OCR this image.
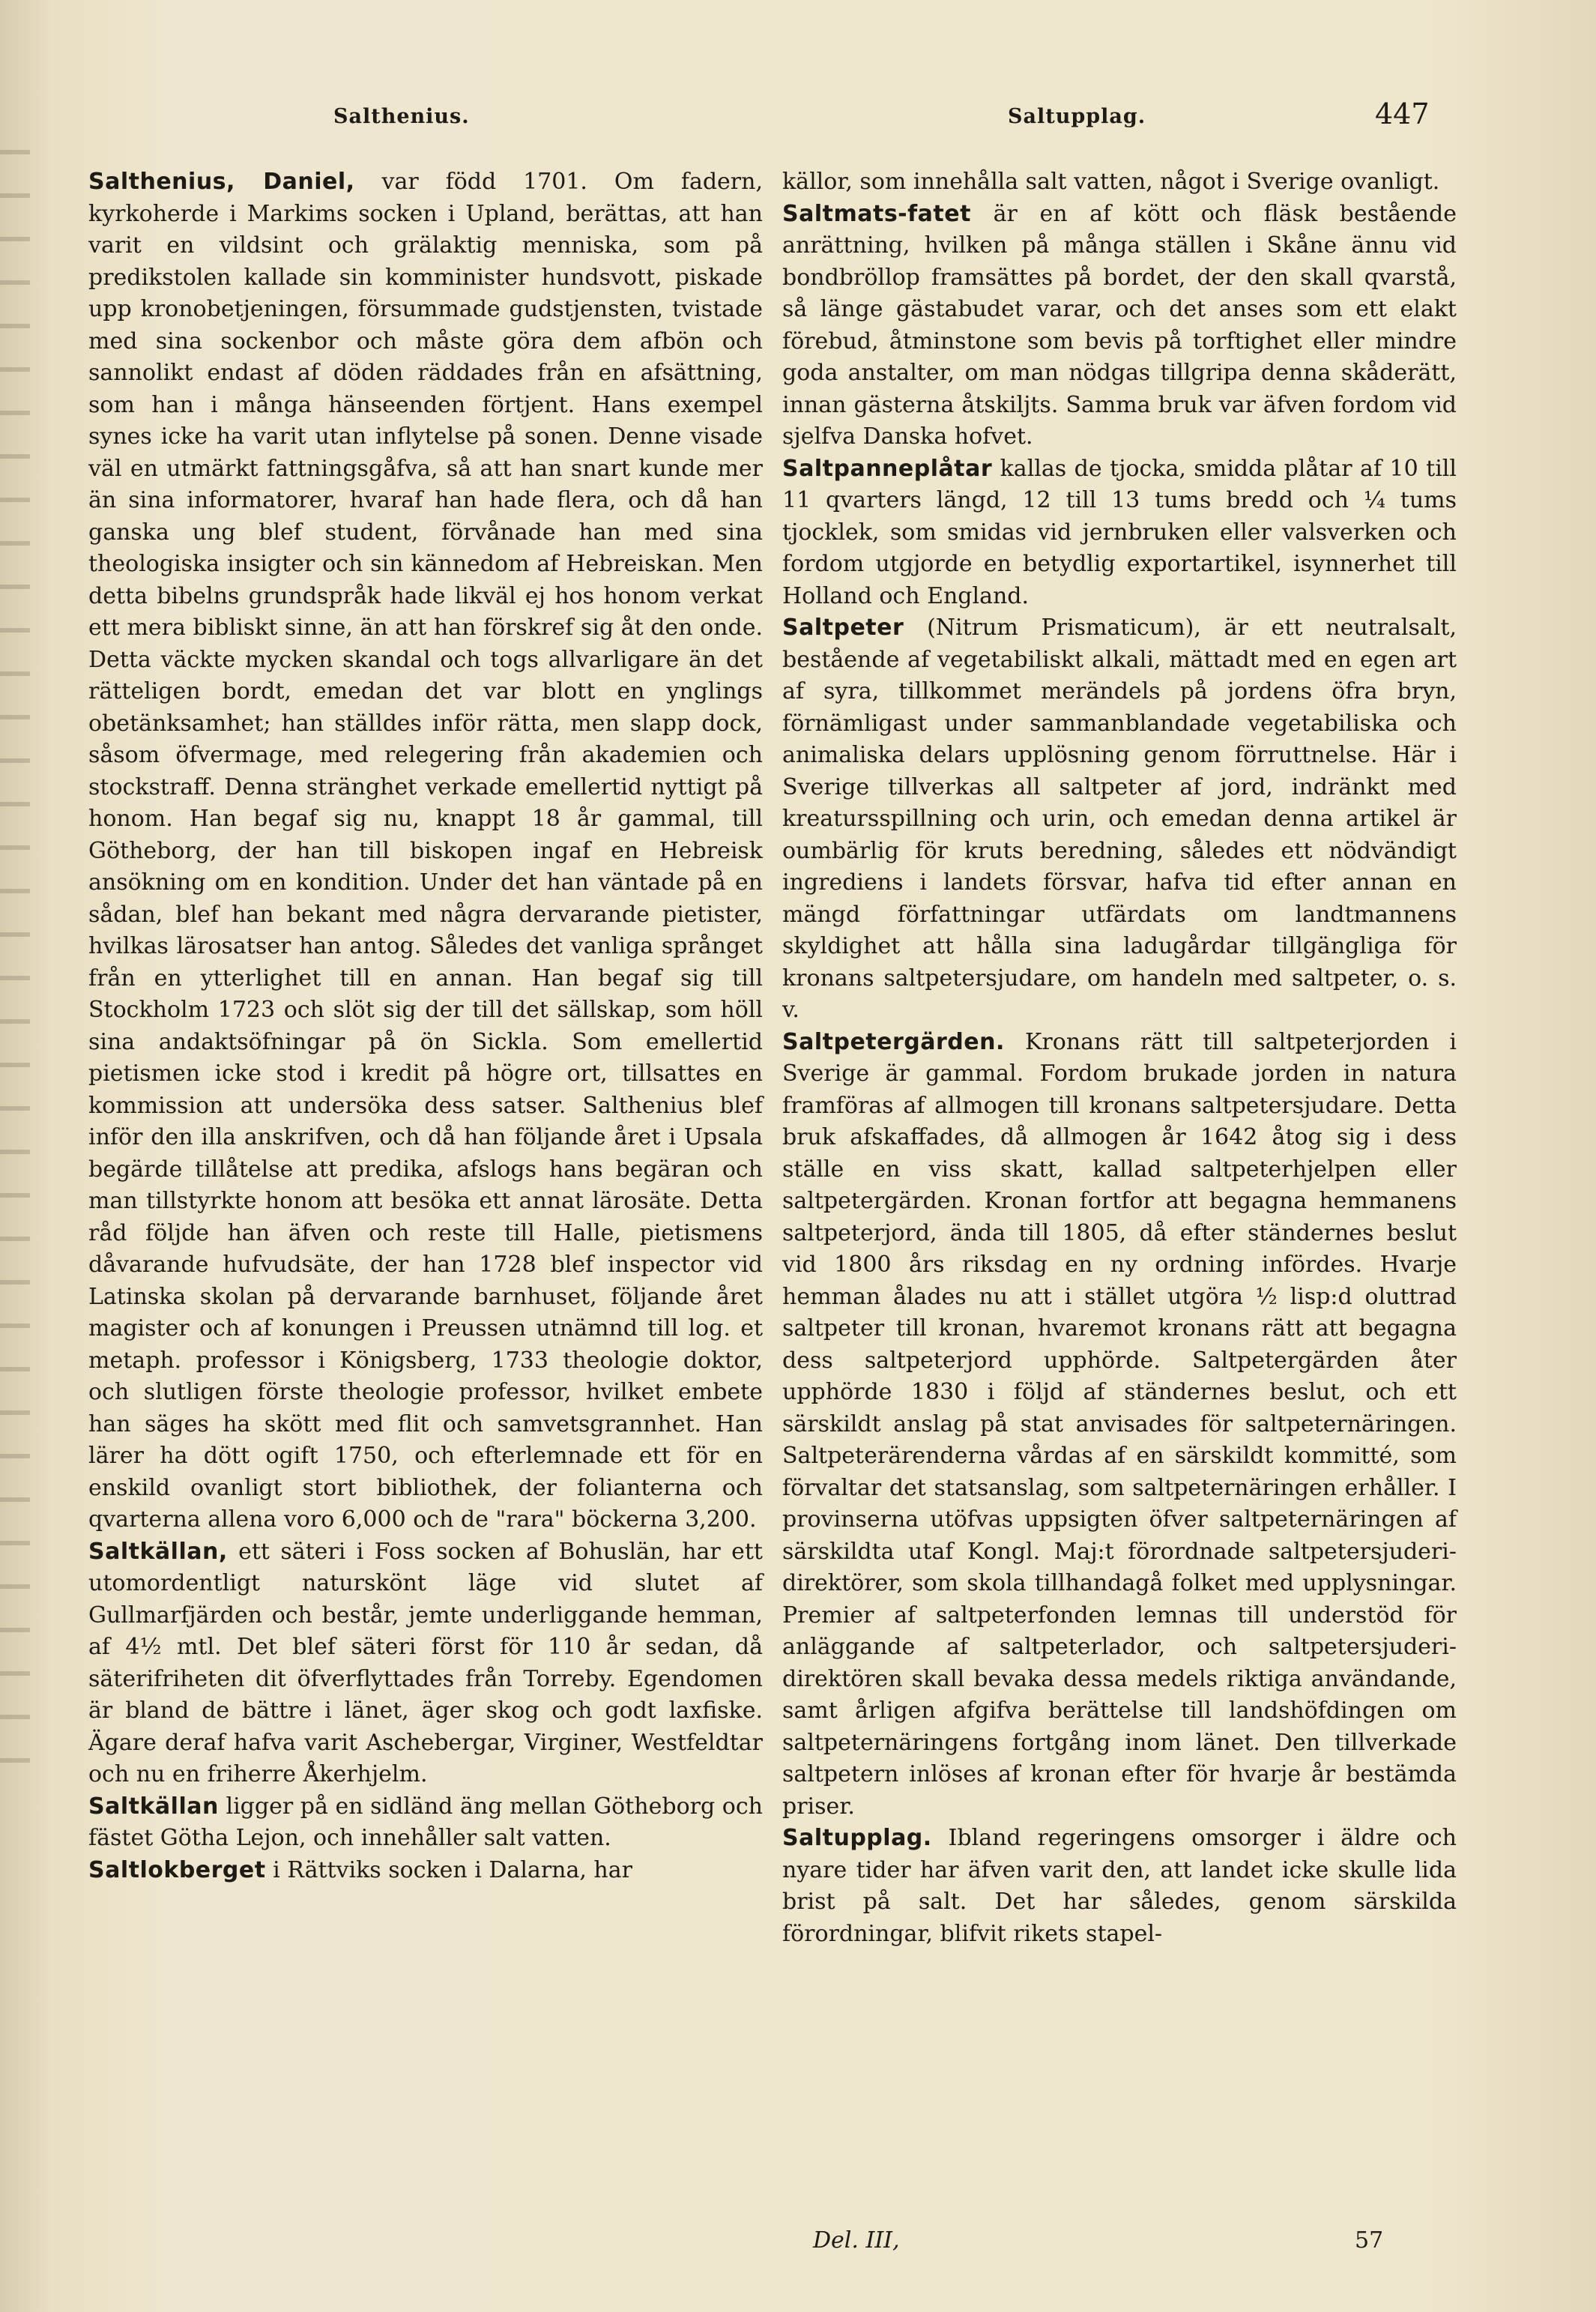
Salthenius.	Saltupplag.	447

Salthenius, Daniel, var född 1701. Om fadern, kyrkoherde i Markims socken i Upland, berättas, att han varit en vildsint och grälaktig menniska, som på predikstolen kallade sin komminister hundsvott, piskade upp kronobetjeningen, försummade gudstjensten, tvistade med sina sockenbor och måste göra dem afbön och sannolikt endast af döden räddades från en afsättning, som han i många hänseenden förtjent. Hans exempel synes icke ha varit utan inflytelse på sonen. Denne visade väl en utmärkt fattningsgåfva, så att han snart kunde mer än sina informatorer, hvaraf han hade flera, och då han ganska ung blef student, förvånade han med sina theologiska insigter och sin kännedom af Hebreiskan. Men detta bibelns grundspråk hade likväl ej hos honom verkat ett mera bibliskt sinne, än att han förskref sig åt den onde. Detta väckte mycken skandal och togs allvarligare än det rätteligen bordt, emedan det var blott en ynglings obetänksamhet; han ställdes inför rätta, men slapp dock, såsom öfvermage, med relegering från akademien och stockstraff. Denna stränghet verkade emellertid nyttigt på honom. Han begaf sig nu, knappt 18 år gammal, till Götheborg, der han till biskopen ingaf en Hebreisk ansökning om en kondition. Under det han väntade på en sådan, blef han bekant med några dervarande pietister, hvilkas lärosatser han antog. Således det vanliga språnget från en ytterlighet till en annan. Han begaf sig till Stockholm 1723 och slöt sig der till det sällskap, som höll sina andaktsöfningar på ön Sickla. Som emellertid pietismen icke stod i kredit på högre ort, tillsattes en kommission att undersöka dess satser. Salthenius blef inför den illa anskrifven, och då han följande året i Upsala begärde tillåtelse att predika, afslogs hans begäran och man tillstyrkte honom att besöka ett annat lärosäte. Detta råd följde han äfven och reste till Halle, pietismens dåvarande hufvudsäte, der han 1728 blef inspector vid Latinska skolan på dervarande barnhuset, följande året magister och af konungen i Preussen utnämnd till log. et metaph. professor i Königsberg, 1733 theologie doktor, och slutligen förste theologie professor, hvilket embete han säges ha skött med flit och samvetsgrannhet. Han lärer ha dött ogift 1750, och efterlemnade ett för en enskild ovanligt stort bibliothek, der folianterna och qvarterna allena voro 6,000 och de "rara" böckerna 3,200.

Saltkällan, ett säteri i Foss socken af Bohuslän, har ett utomordentligt naturskönt läge vid slutet af Gullmarfjärden och består, jemte underliggande hemman, af 4½ mtl. Det blef säteri först för 110 år sedan, då säterifriheten dit öfverflyttades från Torreby. Egendomen är bland de bättre i länet, äger skog och godt laxfiske. Ägare deraf hafva varit Aschebergar, Virginer, Westfeldtar och nu en friherre Åkerhjelm.

Saltkällan ligger på en sidländ äng mellan Götheborg och fästet Götha Lejon, och innehåller salt vatten.

Saltlokberget i Rättviks socken i Dalarna, har

källor, som innehålla salt vatten, något i Sverige ovanligt.

Saltmats-fatet är en af kött och fläsk bestående anrättning, hvilken på många ställen i Skåne ännu vid bondbröllop framsättes på bordet, der den skall qvarstå, så länge gästabudet varar, och det anses som ett elakt förebud, åtminstone som bevis på torftighet eller mindre goda anstalter, om man nödgas tillgripa denna skåderätt, innan gästerna åtskiljts. Samma bruk var äfven fordom vid sjelfva Danska hofvet.

Saltpanneplåtar kallas de tjocka, smidda plåtar af 10 till 11 qvarters längd, 12 till 13 tums bredd och ¼ tums tjocklek, som smidas vid jernbruken eller valsverken och fordom utgjorde en betydlig exportartikel, isynnerhet till Holland och England.

Saltpeter (Nitrum Prismaticum), är ett neutralsalt, bestående af vegetabiliskt alkali, mättadt med en egen art af syra, tillkommet merändels på jordens öfra bryn, förnämligast under sammanblandade vegetabiliska och animaliska delars upplösning genom förruttnelse. Här i Sverige tillverkas all saltpeter af jord, indränkt med kreatursspillning och urin, och emedan denna artikel är oumbärlig för kruts beredning, således ett nödvändigt ingrediens i landets försvar, hafva tid efter annan en mängd författningar utfärdats om landtmannens skyldighet att hålla sina ladugårdar tillgängliga för kronans saltpetersjudare, om handeln med saltpeter, o. s. v.

Saltpetergärden. Kronans rätt till saltpeterjorden i Sverige är gammal. Fordom brukade jorden in natura framföras af allmogen till kronans saltpetersjudare. Detta bruk afskaffades, då allmogen år 1642 åtog sig i dess ställe en viss skatt, kallad saltpeterhjelpen eller saltpetergärden. Kronan fortfor att begagna hemmanens saltpeterjord, ända till 1805, då efter ständernes beslut vid 1800 års riksdag en ny ordning infördes. Hvarje hemman ålades nu att i stället utgöra ½ lisp:d oluttrad saltpeter till kronan, hvaremot kronans rätt att begagna dess saltpeterjord upphörde. Saltpetergärden åter upphörde 1830 i följd af ständernes beslut, och ett särskildt anslag på stat anvisades för saltpeternäringen. Saltpeterärenderna vårdas af en särskildt kommitté, som förvaltar det statsanslag, som saltpeternäringen erhåller. I provinserna utöfvas uppsigten öfver saltpeternäringen af särskildta utaf Kongl. Maj:t förordnade saltpetersjuderi-direktörer, som skola tillhandagå folket med upplysningar. Premier af saltpeterfonden lemnas till understöd för anläggande af saltpeterlador, och saltpetersjuderi-direktören skall bevaka dessa medels riktiga användande, samt årligen afgifva berättelse till landshöfdingen om saltpeternäringens fortgång inom länet. Den tillverkade saltpetern inlöses af kronan efter för hvarje år bestämda priser.

Saltupplag. Ibland regeringens omsorger i äldre och nyare tider har äfven varit den, att landet icke skulle lida brist på salt. Det har således, genom särskilda förordningar, blifvit rikets stapel-

Del. III,	57
